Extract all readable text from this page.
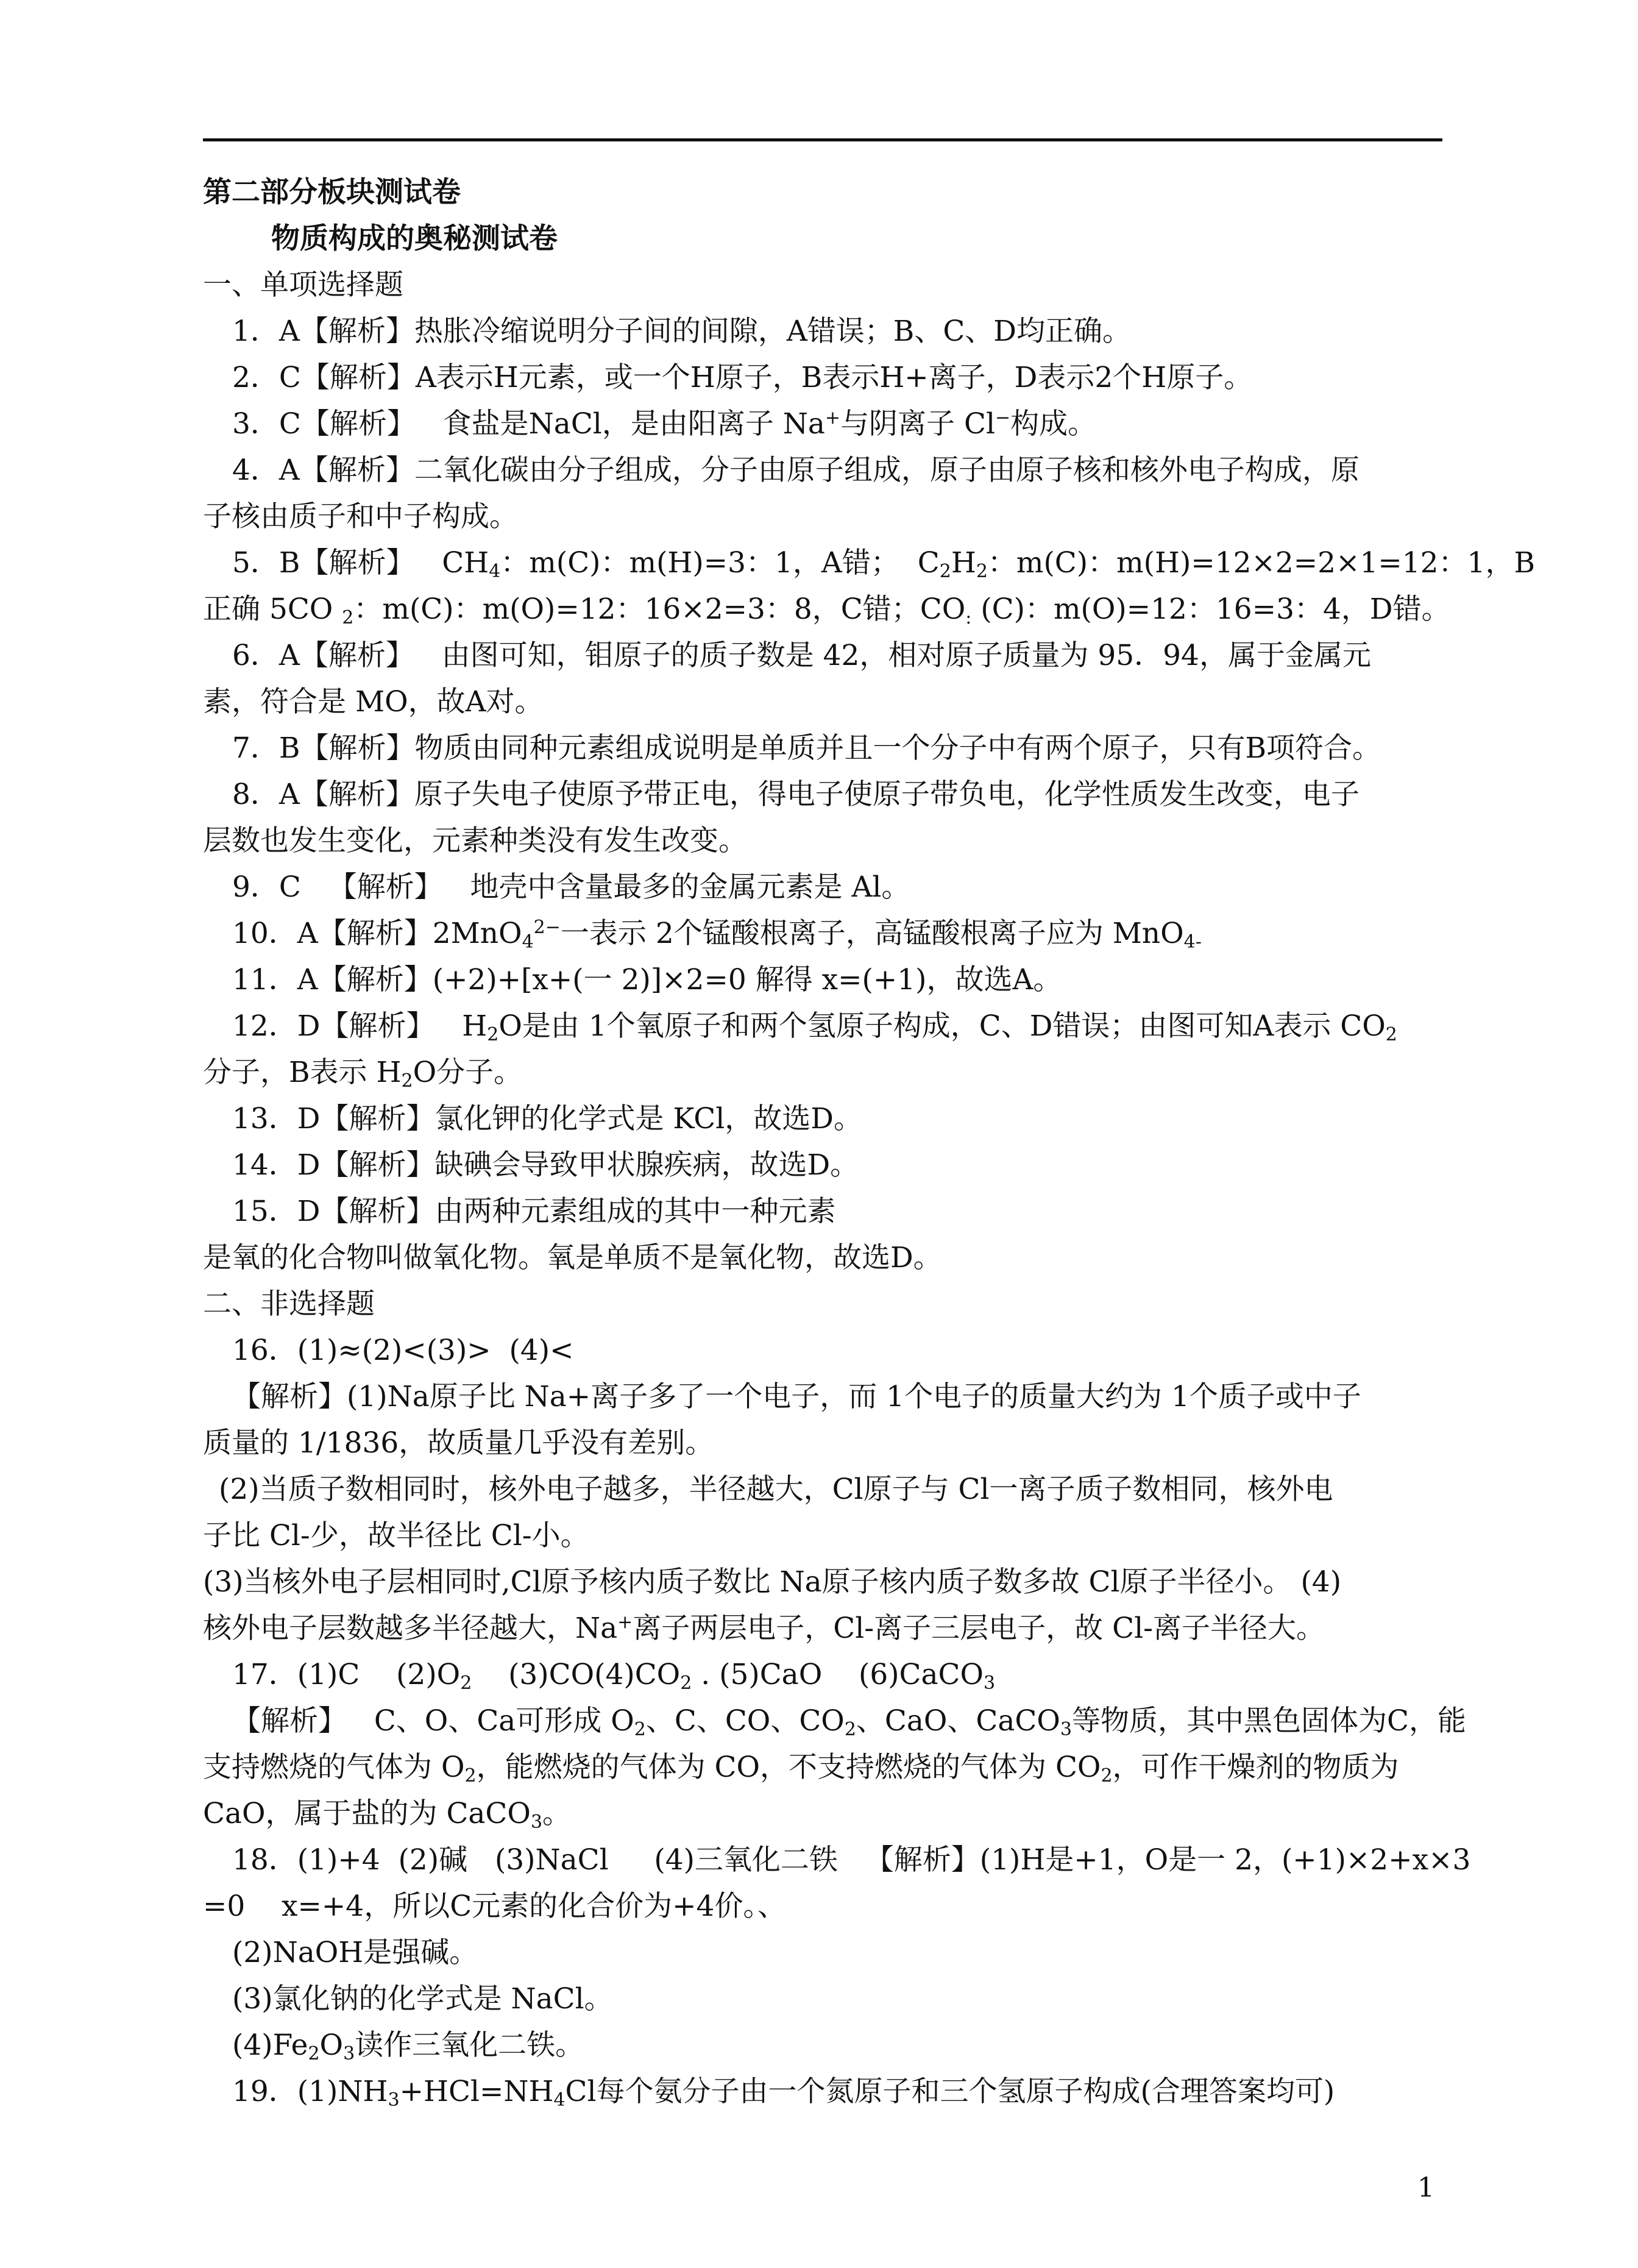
第二部分板块测试卷
物质构成的奥秘测试卷
一、单项选择题
1．A【解析】热胀冷缩说明分子间的间隙，A错误；B、C、D均正确。
2．C【解析】A表示H元素，或一个H原子，B表示H+离子，D表示2个H原子。
3．C【解析】   食盐是NaCl，是由阳离子 Na+与阴离子 Cl−构成。
4．A【解析】二氧化碳由分子组成，分子由原子组成，原子由原子核和核外电子构成，原
子核由质子和中子构成。
5．B【解析】   $CH_4$：m(C)：m(H)=3：1，A错；  $C_2H_2$：m(C)：m(H)=12×2=2×1=12：1，B
正确 5CO $_2$：m(C)：m(O)=12：16×2=3：8，C错；$CO_:$ (C)：m(O)=12：16=3：4，D错。
6．A【解析】   由图可知，钼原子的质子数是 42，相对原子质量为 95．94，属于金属元
素，符合是 MO，故A对。
7．B【解析】物质由同种元素组成说明是单质并且一个分子中有两个原子，只有B项符合。
8．A【解析】原子失电子使原予带正电，得电子使原子带负电，化学性质发生改变，电子
层数也发生变化，元素种类没有发生改变。
9．C   【解析】   地壳中含量最多的金属元素是 Al。
10．A【解析】2MnO$_4^{2-}$一表示 2个锰酸根离子，高锰酸根离子应为 MnO$_{4-}$
11．A【解析】(+2)+[x+(一 2)]×2=0 解得 x=(+1)，故选A。
12．D【解析】   $H_2O$是由 1个氧原子和两个氢原子构成，C、D错误；由图可知A表示 $CO_2$
分子，B表示 $H_2O$分子。
13．D【解析】氯化钾的化学式是 KCl，故选D。
14．D【解析】缺碘会导致甲状腺疾病，故选D。
15．D【解析】由两种元素组成的其中一种元素
是氧的化合物叫做氧化物。氧是单质不是氧化物，故选D。
二、非选择题
16．(1)≈(2)<(3)>  (4)<
【解析】(1)Na原子比 Na+离子多了一个电子，而 1个电子的质量大约为 1个质子或中子
质量的 1/1836，故质量几乎没有差别。
(2)当质子数相同时，核外电子越多，半径越大，Cl原子与 Cl一离子质子数相同，核外电
子比 Cl-少，故半径比 Cl-小。
(3)当核外电子层相同时,Cl原予核内质子数比 Na原子核内质子数多故 Cl原子半径小。 (4)
核外电子层数越多半径越大，Na+离子两层电子，Cl-离子三层电子，故 Cl-离子半径大。
17．(1)C    $(2)O_2$    $(3)CO(4)CO_2$ . (5)CaO    (6)CaCO$_3$
【解析】   C、O、Ca可形成 $O_2$、C、CO、$CO_2$、CaO、CaCO$_3$等物质，其中黑色固体为C，能
支持燃烧的气体为 $O_2$，能燃烧的气体为 CO，不支持燃烧的气体为 $CO_2$，可作干燥剂的物质为
CaO，属于盐的为 CaCO$_3$。
18．(1)+4  (2)碱   (3)NaCl     (4)三氧化二铁   【解析】(1)H是+1，O是一 2，(+1)×2+x×3
=0    x=+4，所以C元素的化合价为+4价。、
(2)NaOH是强碱。
(3)氯化钠的化学式是 NaCl。
$(4)Fe_2O_3$读作三氧化二铁。
19．$(1)NH_3+HCl=NH_4Cl$每个氨分子由一个氮原子和三个氢原子构成(合理答案均可)
1
